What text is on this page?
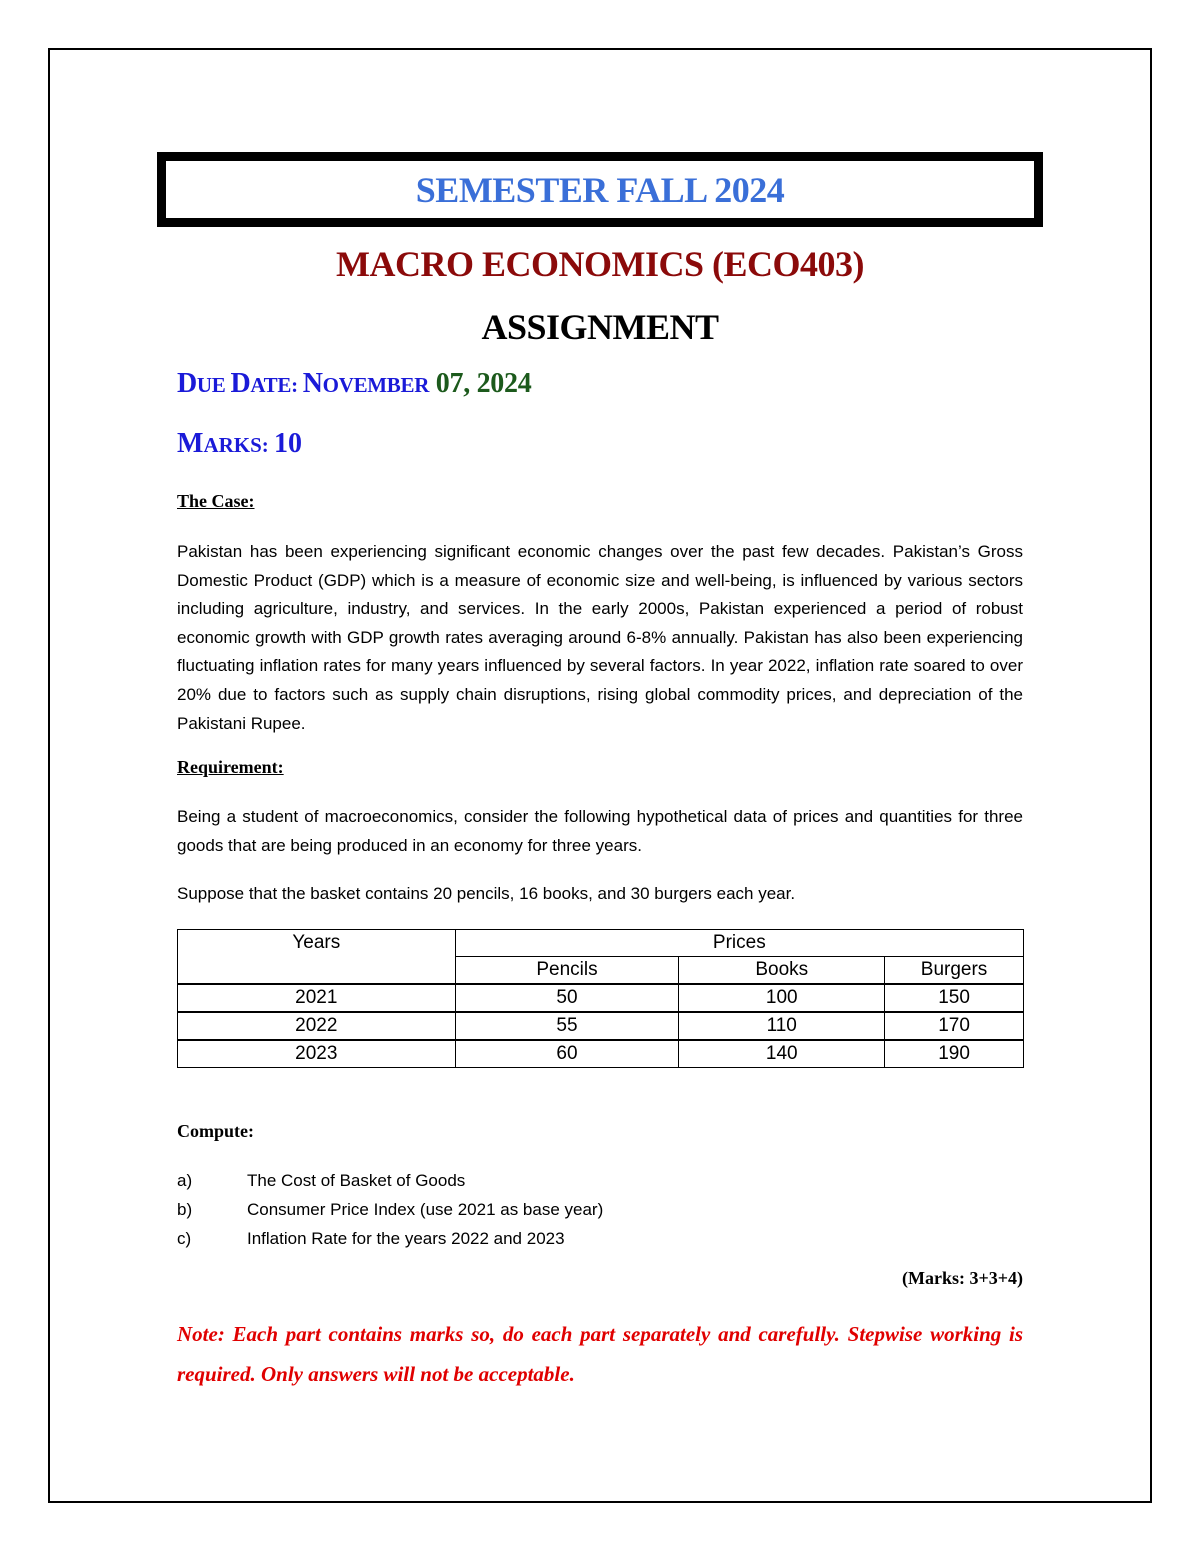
SEMESTER FALL 2024
MACRO ECONOMICS (ECO403)
ASSIGNMENT
DUE DATE: NOVEMBER 07, 2024
MARKS: 10
The Case:
Pakistan has been experiencing significant economic changes over the past few decades. Pakistan’s Gross Domestic Product (GDP) which is a measure of economic size and well-being, is influenced by various sectors including agriculture, industry, and services. In the early 2000s, Pakistan experienced a period of robust economic growth with GDP growth rates averaging around 6-8% annually. Pakistan has also been experiencing fluctuating inflation rates for many years influenced by several factors. In year 2022, inflation rate soared to over 20% due to factors such as supply chain disruptions, rising global commodity prices, and depreciation of the Pakistani Rupee.
Requirement:
Being a student of macroeconomics, consider the following hypothetical data of prices and quantities for three goods that are being produced in an economy for three years.
Suppose that the basket contains 20 pencils, 16 books, and 30 burgers each year.
Years	Prices		
	Pencils	Books	Burgers
2021	50	100	150
2022	55	110	170
2023	60	140	190
Compute:
a)	The Cost of Basket of Goods
b)	Consumer Price Index (use 2021 as base year)
c)	Inflation Rate for the years 2022 and 2023
(Marks: 3+3+4)
Note: Each part contains marks so, do each part separately and carefully. Stepwise working is required. Only answers will not be acceptable.
